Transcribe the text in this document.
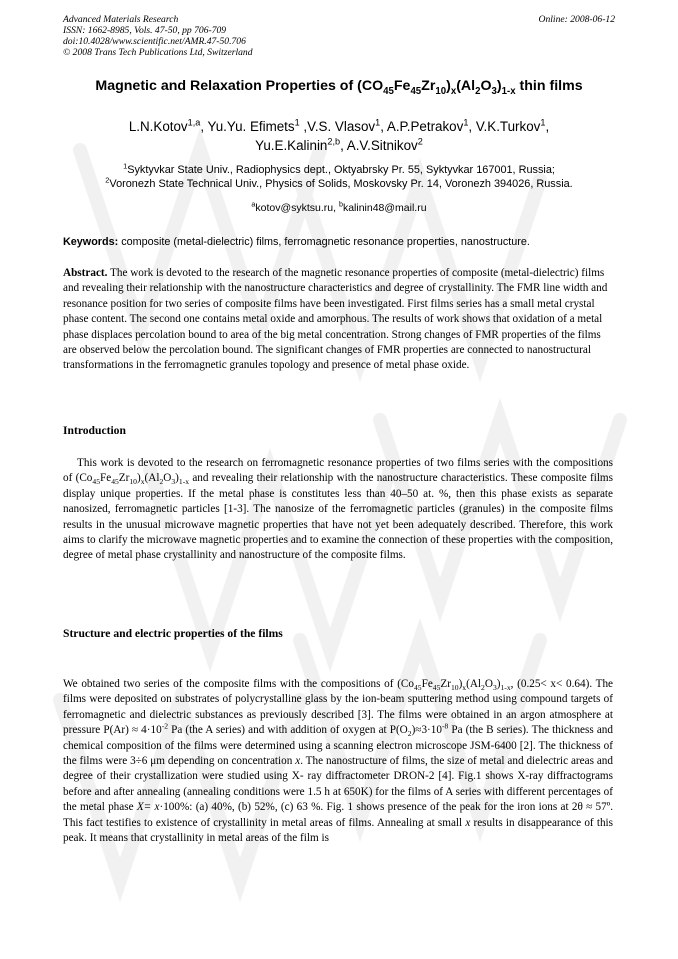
Advanced Materials Research
ISSN: 1662-8985, Vols. 47-50, pp 706-709
doi:10.4028/www.scientific.net/AMR.47-50.706
© 2008 Trans Tech Publications Ltd, Switzerland
Online: 2008-06-12
Magnetic and Relaxation Properties of $(CO_{45}Fe_{45}Zr_{10})_x(Al_2O_3)_{1-x}$ thin films
L.N.Kotov$^{1,a}$, Yu.Yu. Efimets$^1$ ,V.S. Vlasov$^1$, A.P.Petrakov$^1$, V.K.Turkov$^1$,
Yu.E.Kalinin$^{2,b}$, A.V.Sitnikov$^2$
$^1$Syktyvkar State Univ., Radiophysics dept., Oktyabrsky Pr. 55, Syktyvkar 167001, Russia;
$^2$Voronezh State Technical Univ., Physics of Solids, Moskovsky Pr. 14, Voronezh 394026, Russia.
$^a$kotov@syktsu.ru, $^b$kalinin48@mail.ru
Keywords: composite (metal-dielectric) films, ferromagnetic resonance properties, nanostructure.
Abstract. The work is devoted to the research of the magnetic resonance properties of composite (metal-dielectric) films and revealing their relationship with the nanostructure characteristics and degree of crystallinity. The FMR line width and resonance position for two series of composite films have been investigated. First films series has a small metal crystal phase content. The second one contains metal oxide and amorphous. The results of work shows that oxidation of a metal phase displaces percolation bound to area of the big metal concentration. Strong changes of FMR properties of the films are observed below the percolation bound. The significant changes of FMR properties are connected to nanostructural transformations in the ferromagnetic granules topology and presence of metal phase oxide.
Introduction
This work is devoted to the research on ferromagnetic resonance properties of two films series with the compositions of $(Co_{45}Fe_{45}Zr_{10})_x(Al_2O_3)_{1-x}$ and revealing their relationship with the nanostructure characteristics. These composite films display unique properties. If the metal phase is constitutes less than 40–50 at. %, then this phase exists as separate nanosized, ferromagnetic particles [1-3]. The nanosize of the ferromagnetic particles (granules) in the composite films results in the unusual microwave magnetic properties that have not yet been adequately described. Therefore, this work aims to clarify the microwave magnetic properties and to examine the connection of these properties with the composition, degree of metal phase crystallinity and nanostructure of the composite films.
Structure and electric properties of the films
We obtained two series of the composite films with the compositions of $(Co_{45}Fe_{45}Zr_{10})_x(Al_2O_3)_{1-x}$, (0.25< x< 0.64). The films were deposited on substrates of polycrystalline glass by the ion-beam sputtering method using compound targets of ferromagnetic and dielectric substances as previously described [3]. The films were obtained in an argon atmosphere at pressure $P(Ar) \approx 4\cdot 10^{-2}$ Pa (the A series) and with addition of oxygen at $P(O_2)\approx 3\cdot 10^{-8}$ Pa (the B series). The thickness and chemical composition of the films were determined using a scanning electron microscope JSM-6400 [2]. The thickness of the films were 3÷6 μm depending on concentration x. The nanostructure of films, the size of metal and dielectric areas and degree of their crystallization were studied using X- ray diffractometer DRON-2 [4]. Fig.1 shows X-ray diffractograms before and after annealing (annealing conditions were 1.5 h at 650K) for the films of A series with different percentages of the metal phase X= x·100%: (a) 40%, (b) 52%, (c) 63 %. Fig. 1 shows presence of the peak for the iron ions at 2θ ≈ 57º. This fact testifies to existence of crystallinity in metal areas of films. Annealing at small x results in disappearance of this peak. It means that crystallinity in metal areas of the film is
